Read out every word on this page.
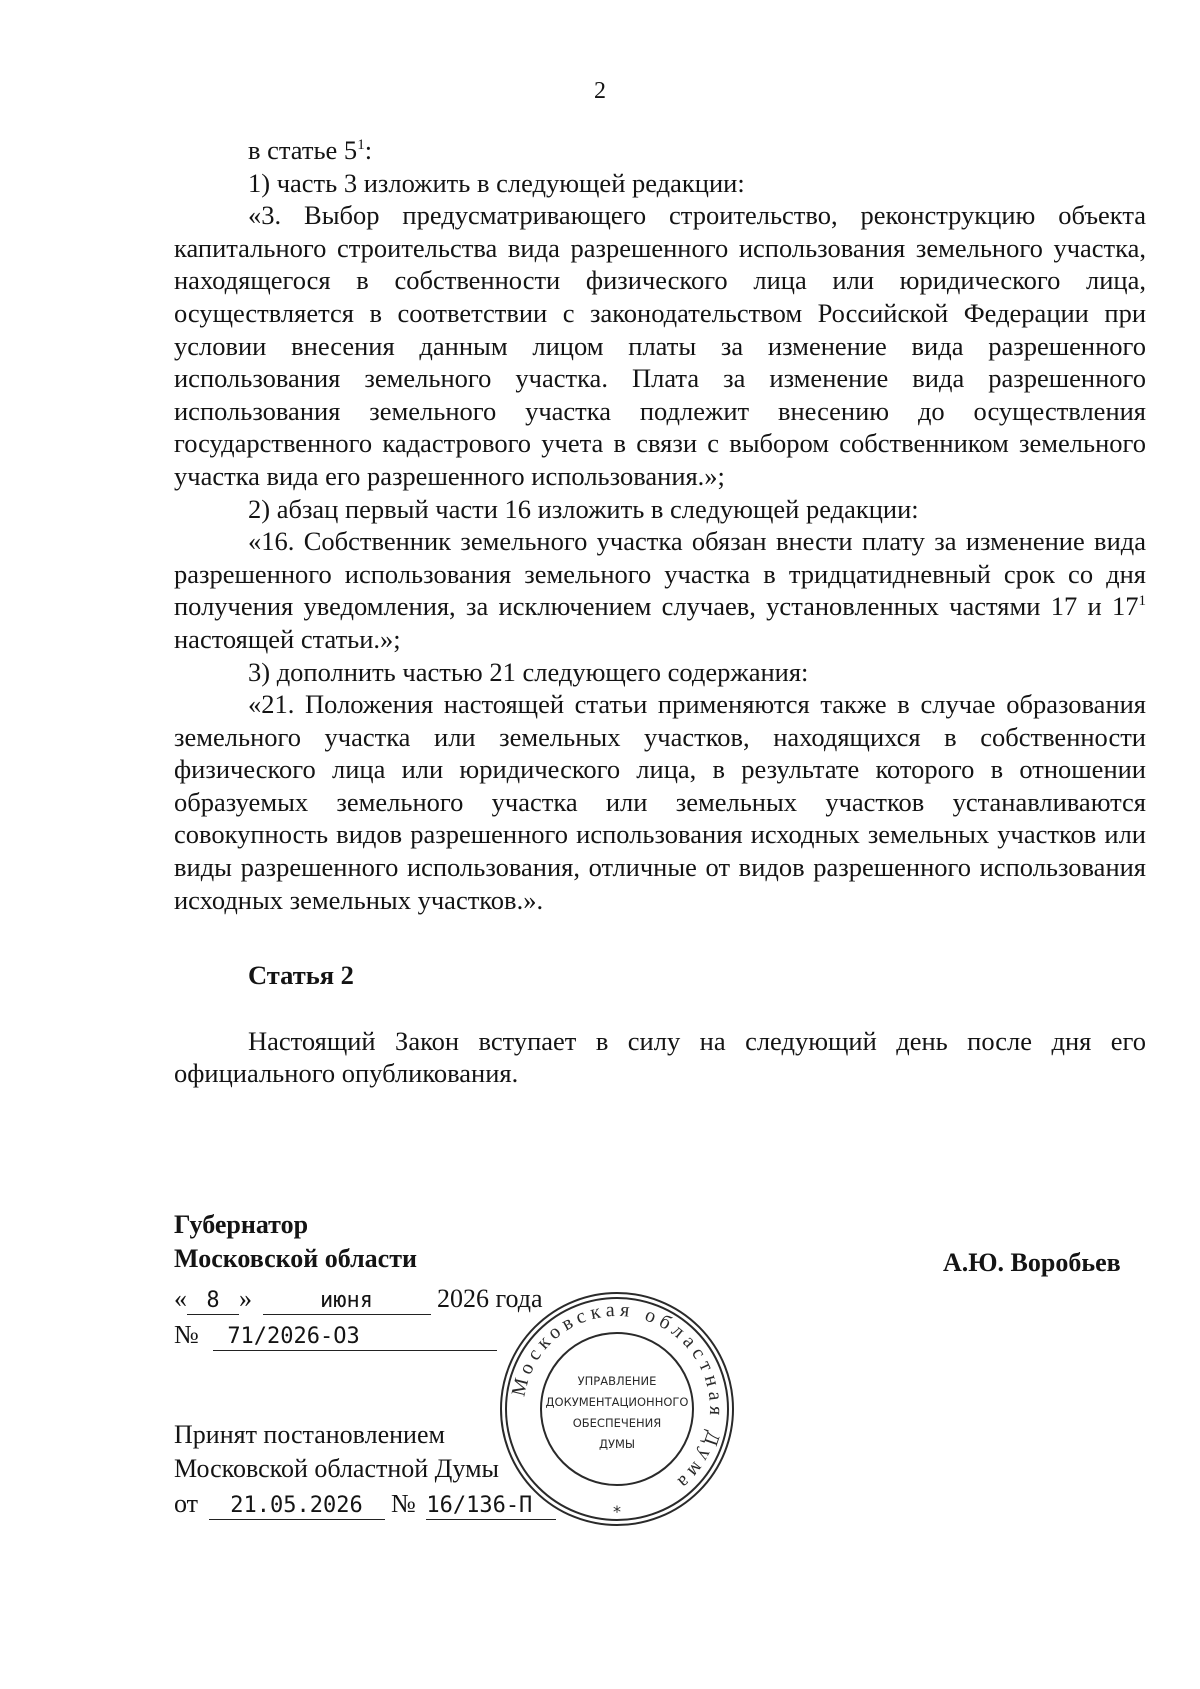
2

в статье $5^1$:

1) часть 3 изложить в следующей редакции:

«3. Выбор предусматривающего строительство, реконструкцию объекта капитального строительства вида разрешенного использования земельного участка, находящегося в собственности физического лица или юридического лица, осуществляется в соответствии с законодательством Российской Федерации при условии внесения данным лицом платы за изменение вида разрешенного использования земельного участка. Плата за изменение вида разрешенного использования земельного участка подлежит внесению до осуществления государственного кадастрового учета в связи с выбором собственником земельного участка вида его разрешенного использования.»;

2) абзац первый части 16 изложить в следующей редакции:

«16. Собственник земельного участка обязан внести плату за изменение вида разрешенного использования земельного участка в тридцатидневный срок со дня получения уведомления, за исключением случаев, установленных частями 17 и $17^1$ настоящей статьи.»;

3) дополнить частью 21 следующего содержания:

«21. Положения настоящей статьи применяются также в случае образования земельного участка или земельных участков, находящихся в собственности физического лица или юридического лица, в результате которого в отношении образуемых земельного участка или земельных участков устанавливаются совокупность видов разрешенного использования исходных земельных участков или виды разрешенного использования, отличные от видов разрешенного использования исходных земельных участков.».

Статья 2

Настоящий Закон вступает в силу на следующий день после дня его официального опубликования.

Губернатор
Московской области	А.Ю. Воробьев
« 8 »	июня 2026 года
№ 71/2026-ОЗ
Принят постановлением
Московской областной Думы
от 21.05.2026 № 16/136-П
Московская областная Дума
УПРАВЛЕНИЕ
ДОКУМЕНТАЦИОННОГО
ОБЕСПЕЧЕНИЯ
ДУМЫ
*
